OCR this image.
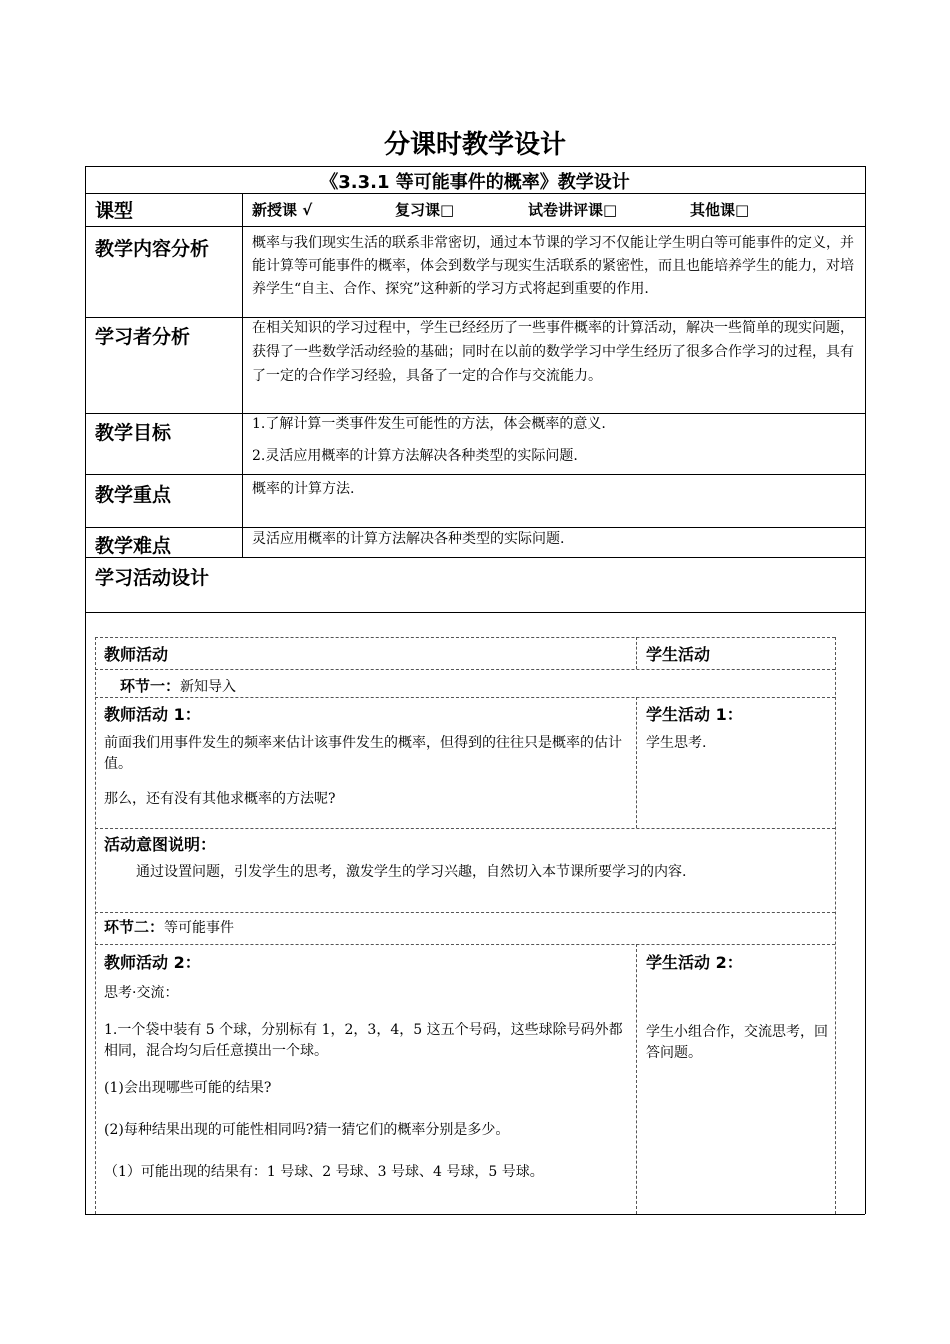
分课时教学设计
《3.3.1 等可能事件的概率》教学设计
课型	新授课 √	复习课□	试卷讲评课□	其他课□
教学内容分析	概率与我们现实生活的联系非常密切，通过本节课的学习不仅能让学生明白等可能事件的定义，并能计算等可能事件的概率，体会到数学与现实生活联系的紧密性，而且也能培养学生的能力，对培养学生“自主、合作、探究”这种新的学习方式将起到重要的作用.
学习者分析	在相关知识的学习过程中，学生已经经历了一些事件概率的计算活动，解决一些简单的现实问题，获得了一些数学活动经验的基础；同时在以前的数学学习中学生经历了很多合作学习的过程，具有了一定的合作学习经验，具备了一定的合作与交流能力。
教学目标	1.了解计算一类事件发生可能性的方法，体会概率的意义.
2.灵活应用概率的计算方法解决各种类型的实际问题.
教学重点	概率的计算方法.
教学难点	灵活应用概率的计算方法解决各种类型的实际问题.
学习活动设计
教师活动	学生活动
环节一：新知导入
教师活动 1：
前面我们用事件发生的频率来估计该事件发生的概率，但得到的往往只是概率的估计值。
那么，还有没有其他求概率的方法呢?
学生活动 1：
学生思考.
活动意图说明：
通过设置问题，引发学生的思考，激发学生的学习兴趣，自然切入本节课所要学习的内容.
环节二：等可能事件
教师活动 2：
思考·交流：
1.一个袋中装有 5 个球，分别标有 1，2，3，4，5 这五个号码，这些球除号码外都相同，混合均匀后任意摸出一个球。
(1)会出现哪些可能的结果?
(2)每种结果出现的可能性相同吗?猜一猜它们的概率分别是多少。
（1）可能出现的结果有：1 号球、2 号球、3 号球、4 号球，5 号球。
学生活动 2：
学生小组合作，交流思考，回答问题。
